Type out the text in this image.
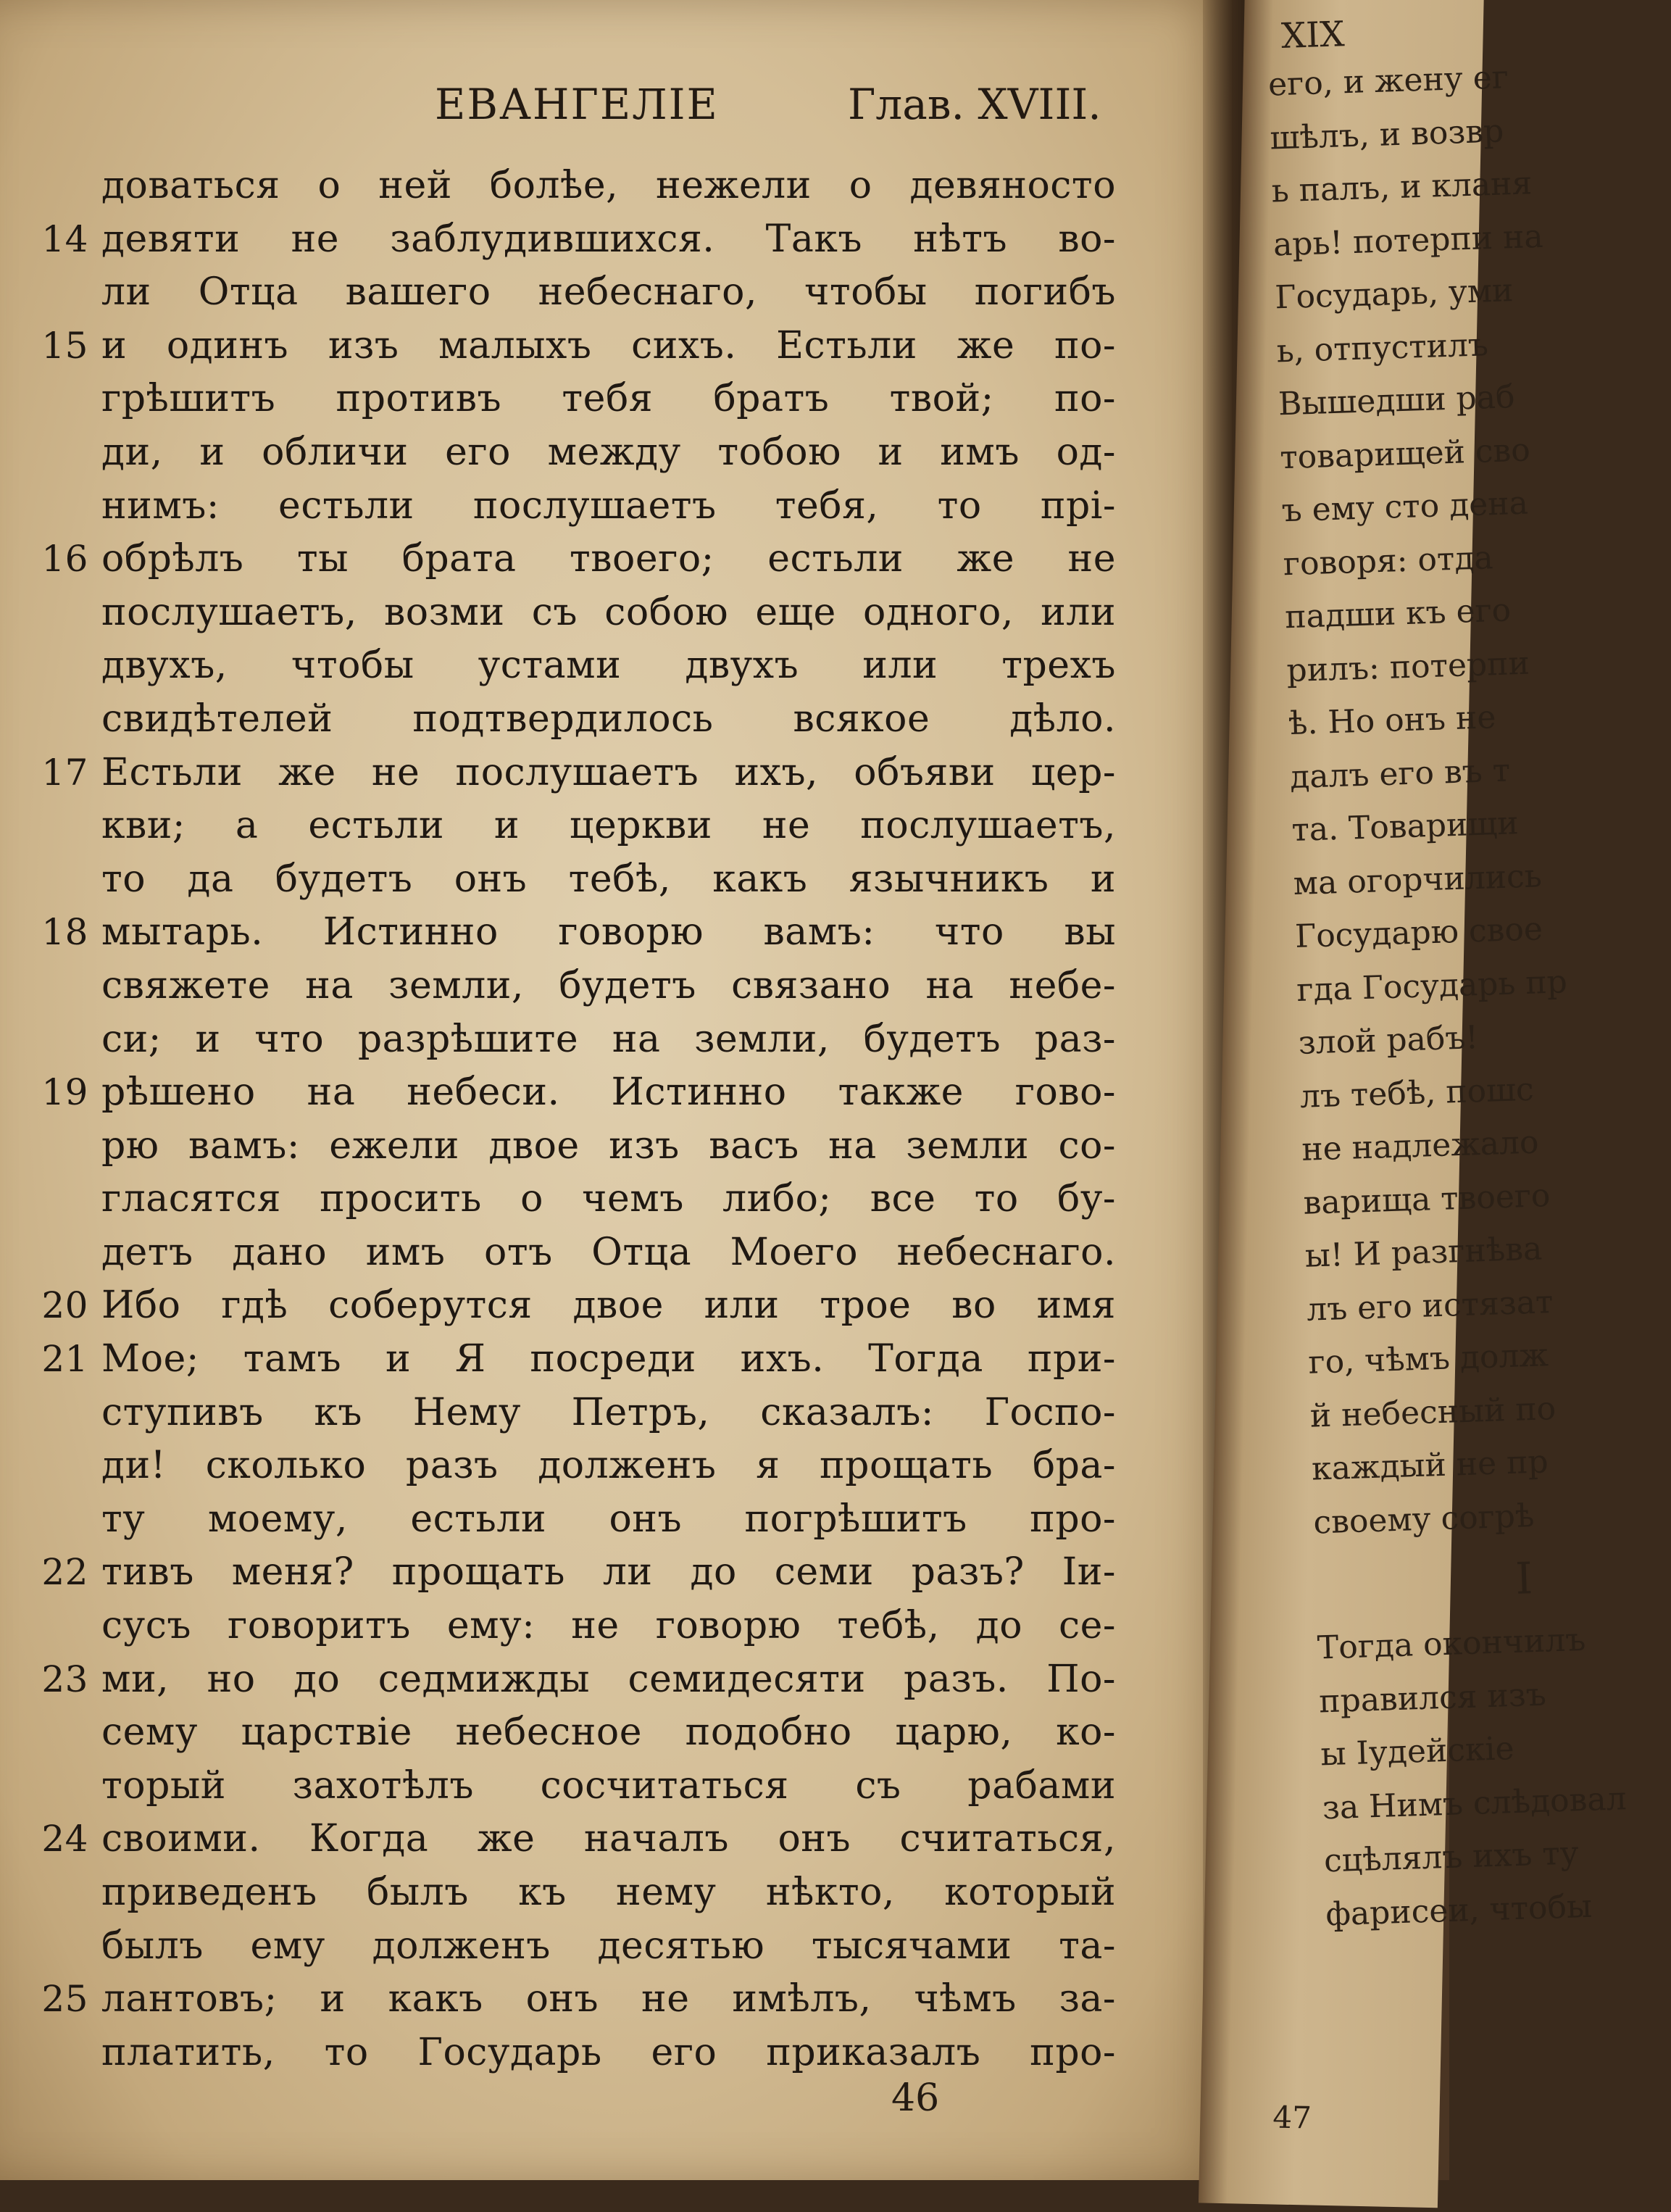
ЕВАНГЕЛIЕ	Глав. XVIII.
доваться о ней болѣе, нежели о девяносто
14 девяти не заблудившихся. Такъ нѣтъ во-
ли Отца вашего небеснаго, чтобы погибъ
15 и одинъ изъ малыхъ сихъ. Естьли же по-
грѣшитъ противъ тебя братъ твой; по-
ди, и обличи его между тобою и имъ од-
нимъ: естьли послушаетъ тебя, то прі-
16 обрѣлъ ты брата твоего; естьли же не
послушаетъ, возми съ собою еще одного, или
двухъ, чтобы устами двухъ или трехъ
свидѣтелей подтвердилось всякое дѣло.
17 Естьли же не послушаетъ ихъ, объяви цер-
кви; а естьли и церкви не послушаетъ,
то да будетъ онъ тебѣ, какъ язычникъ и
18 мытарь. Истинно говорю вамъ: что вы
свяжете на земли, будетъ связано на небе-
си; и что разрѣшите на земли, будетъ раз-
19 рѣшено на небеси. Истинно также гово-
рю вамъ: ежели двое изъ васъ на земли со-
гласятся просить о чемъ либо; все то бу-
детъ дано имъ отъ Отца Моего небеснаго.
20 Ибо гдѣ соберутся двое или трое во имя
21 Мое; тамъ и Я посреди ихъ. Тогда при-
ступивъ къ Нему Петръ, сказалъ: Госпо-
ди! сколько разъ долженъ я прощать бра-
ту моему, естьли онъ погрѣшитъ про-
22 тивъ меня? прощать ли до семи разъ? Іи-
сусъ говоритъ ему: не говорю тебѣ, до се-
23 ми, но до седмижды семидесяти разъ. По-
сему царствіе небесное подобно царю, ко-
торый захотѣлъ сосчитаться съ рабами
24 своими. Когда же началъ онъ считаться,
приведенъ былъ къ нему нѣкто, который
былъ ему долженъ десятью тысячами та-
25 лантовъ; и какъ онъ не имѣлъ, чѣмъ за-
платить, то Государь его приказалъ про-
46
XIX
его, и жену ег
шѣлъ, и возвр
ь палъ, и кланя
арь! потерпи на
Государь, уми
ь, отпустилъ
Вышедши раб
товарищей сво
ъ ему сто дена
говоря: отда
падши къ его
рилъ: потерпи
ѣ. Но онъ не
далъ его въ т
та. Товарищи
ма огорчились
Государю свое
гда Государь пр
злой рабъ!
лъ тебѣ, пошс
не надлежало
варища твоего
ы! И разгнѣва
лъ его истязат
го, чѣмъ долж
й небесный по
каждый не пр
своему согрѣ
I
Тогда окончилъ
правился изъ
ы Іудейскіе
за Нимъ слѣдовал
сцѣлялъ ихъ ту
фарисеи, чтобы
47
